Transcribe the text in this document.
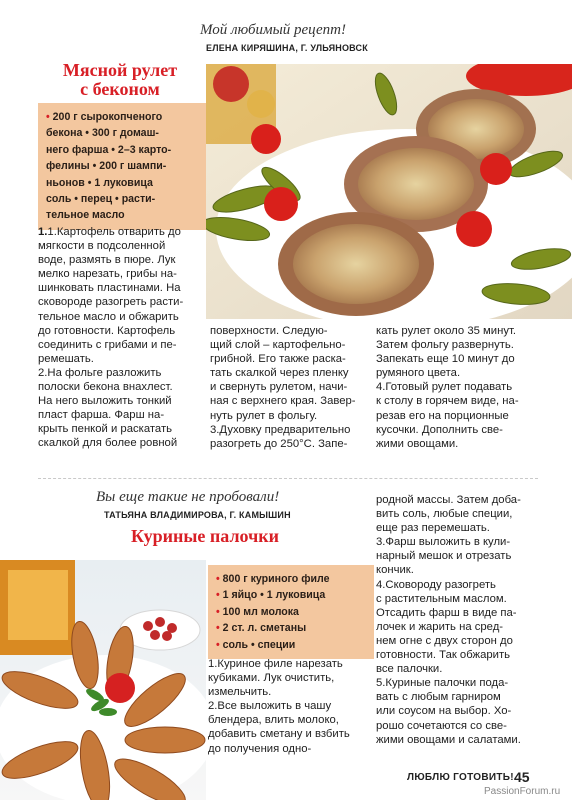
Мой любимый рецепт!
ЕЛЕНА КИРЯШИНА, Г. УЛЬЯНОВСК
Мясной рулет
с беконом
• 200 г сырокопченого
бекона • 300 г домаш-
него фарша • 2–3 карто-
фелины • 200 г шампи-
ньонов • 1 луковица
соль • перец • расти-
тельное масло

1.1.Картофель отварить до

мягкости в подсоленной

воде, размять в пюре. Лук

мелко нарезать, грибы на-

шинковать пластинами. На

сковороде разогреть расти-

тельное масло и обжарить

до готовности. Картофель

соединить с грибами и пе-

ремешать.

2.На фольге разложить

полоски бекона внахлест.

На него выложить тонкий

пласт фарша. Фарш на-

крыть пенкой и раскатать

скалкой для более ровной

поверхности. Следую-

щий слой – картофельно-

грибной. Его также раска-

тать скалкой через пленку

и свернуть рулетом, начи-

ная с верхнего края. Завер-

нуть рулет в фольгу.

3.Духовку предварительно

разогреть до 250°С. Запе-

кать рулет около 35 минут.

Затем фольгу развернуть.

Запекать еще 10 минут до

румяного цвета.

4.Готовый рулет подавать

к столу в горячем виде, на-

резав его на порционные

кусочки. Дополнить све-

жими овощами.

Вы еще такие не пробовали!
ТАТЬЯНА ВЛАДИМИРОВА, Г. КАМЫШИН
Куриные палочки
• 800 г куриного филе
• 1 яйцо • 1 луковица
• 100 мл молока
• 2 ст. л. сметаны
• соль • специи

1.Куриное филе нарезать

кубиками. Лук очистить,

измельчить.

2.Все выложить в чашу

блендера, влить молоко,

добавить сметану и взбить

до получения одно-

родной массы. Затем доба-

вить соль, любые специи,

еще раз перемешать.

3.Фарш выложить в кули-

нарный мешок и отрезать

кончик.

4.Сковороду разогреть

с растительным маслом.

Отсадить фарш в виде па-

лочек и жарить на сред-

нем огне с двух сторон до

готовности. Так обжарить

все палочки.

5.Куриные палочки пода-

вать с любым гарниром

или соусом на выбор. Хо-

рошо сочетаются со све-

жими овощами и салатами.

ЛЮБЛЮ ГОТОВИТЬ! 45
PassionForum.ru
